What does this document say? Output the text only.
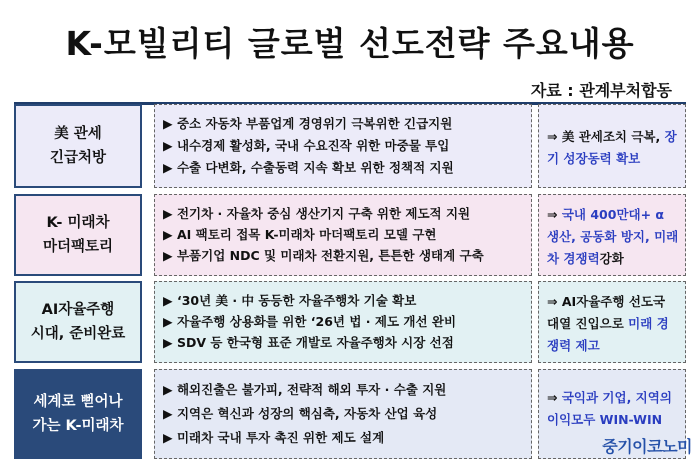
K-모빌리티 글로벌 선도전략 주요내용
자료 : 관계부처합동
美 관세
긴급처방
▶ 중소 자동차 부품업계 경영위기 극복위한 긴급지원
▶ 내수경제 활성화, 국내 수요진작 위한 마중물 투입
▶ 수출 다변화, 수출동력 지속 확보 위한 정책적 지원
⇒ 美 관세조치 극복, 장기 성장동력 확보
K- 미래차
마더팩토리
▶ 전기차 · 자율차 중심 생산기지 구축 위한 제도적 지원
▶ AI 팩토리 접목 K-미래차 마더팩토리 모델 구현
▶ 부품기업 NDC 및 미래차 전환지원, 튼튼한 생태계 구축
⇒ 국내 400만대+ α 생산, 공동화 방지, 미래차 경쟁력강화
AI자율주행
시대, 준비완료
▶ ‘30년 美 · 中 동등한 자율주행차 기술 확보
▶ 자율주행 상용화를 위한 ‘26년 법 · 제도 개선 완비
▶ SDV 등 한국형 표준 개발로 자율주행차 시장 선점
⇒ AI자율주행 선도국 대열 진입으로 미래 경쟁력 제고
세계로 뻗어나
가는 K-미래차
▶ 해외진출은 불가피, 전략적 해외 투자 · 수출 지원
▶ 지역은 혁신과 성장의 핵심축, 자동차 산업 육성
▶ 미래차 국내 투자 촉진 위한 제도 설계
⇒ 국익과 기업, 지역의 이익모두 WIN-WIN
중기이코노미
